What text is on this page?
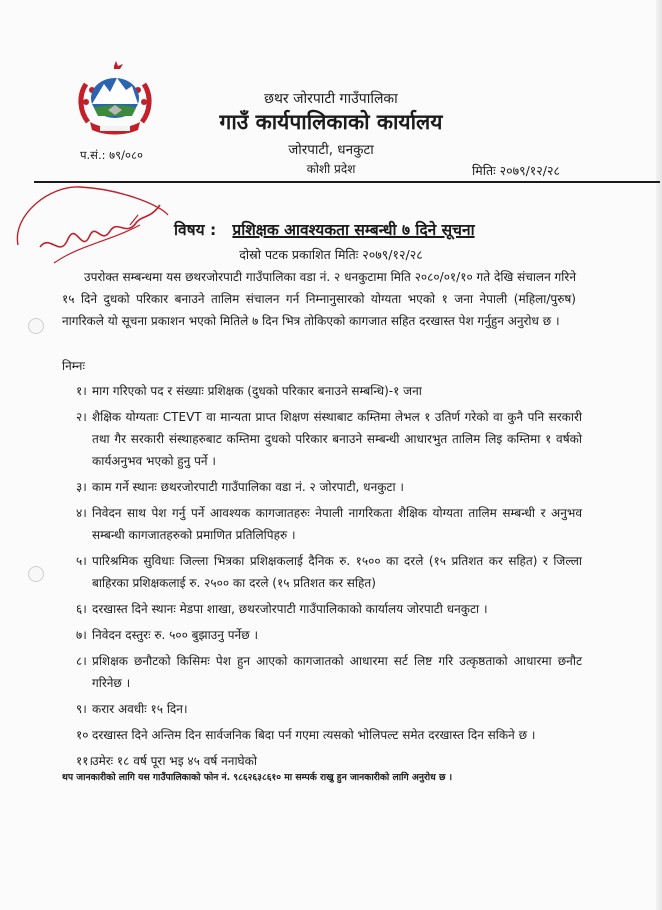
छथर जोरपाटी गाउँपालिका
गाउँ कार्यपालिकाको कार्यालय
जोरपाटी, धनकुटा
कोशी प्रदेश
प.सं.: ७९/०८०
मितिः २०७९/१२/२८
विषय : प्रशिक्षक आवश्यकता सम्बन्धी ७ दिने सूचना
दोस्रो पटक प्रकाशित मितिः २०७९/१२/२८
उपरोक्त सम्बन्धमा यस छथरजोरपाटी गाउँपालिका वडा नं. २ धनकुटामा मिति २०८०/०१/१० गते देखि संचालन गरिने १५ दिने दुधको परिकार बनाउने तालिम संचालन गर्न निम्नानुसारको योग्यता भएको १ जना नेपाली (महिला/पुरुष) नागरिकले यो सूचना प्रकाशन भएको मितिले ७ दिन भित्र तोकिएको कागजात सहित दरखास्त पेश गर्नुहुन अनुरोध छ ।
निम्नः
१। माग गरिएको पद र संख्याः प्रशिक्षक (दुधको परिकार बनाउने सम्बन्धि)-१ जना
२। शैक्षिक योग्यताः CTEVT वा मान्यता प्राप्त शिक्षण संस्थाबाट कम्तिमा लेभल १ उतिर्ण गरेको वा कुनै पनि सरकारी तथा गैर सरकारी संस्थाहरुबाट कम्तिमा दुधको परिकार बनाउने सम्बन्धी आधारभुत तालिम लिइ कम्तिमा १ वर्षको कार्यअनुभव भएको हुनु पर्ने ।
३। काम गर्ने स्थानः छथरजोरपाटी गाउँपालिका वडा नं. २ जोरपाटी, धनकुटा ।
४। निवेदन साथ पेश गर्नु पर्ने आवश्यक कागजातहरुः नेपाली नागरिकता शैक्षिक योग्यता तालिम सम्बन्धी र अनुभव सम्बन्धी कागजातहरुको प्रमाणित प्रतिलिपिहरु ।
५। पारिश्रमिक सुविधाः जिल्ला भित्रका प्रशिक्षकलाई दैनिक रु. १५०० का दरले (१५ प्रतिशत कर सहित) र जिल्ला बाहिरका प्रशिक्षकलाई रु. २५०० का दरले (१५ प्रतिशत कर सहित)
६। दरखास्त दिने स्थानः मेडपा शाखा, छथरजोरपाटी गाउँपालिकाको कार्यालय जोरपाटी धनकुटा ।
७। निवेदन दस्तुरः रु. ५०० बुझाउनु पर्नेछ ।
८। प्रशिक्षक छनौटको किसिमः पेश हुन आएको कागजातको आधारमा सर्ट लिष्ट गरि उत्कृष्ठताको आधारमा छनौट गरिनेछ ।
९। करार अवधीः १५ दिन।
१० दरखास्त दिने अन्तिम दिन सार्वजनिक बिदा पर्न गएमा त्यसको भोलिपल्ट समेत दरखास्त दिन सकिने छ ।
११।
उमेरः १८ वर्ष पूरा भइ ४५ वर्ष ननाघेको
थप जानकारीको लागि यस गाउँपालिकाको फोन नं. ९८६२६३८६१० मा सम्पर्क राखु हुन जानकारीको लागि अनुरोध छ ।
